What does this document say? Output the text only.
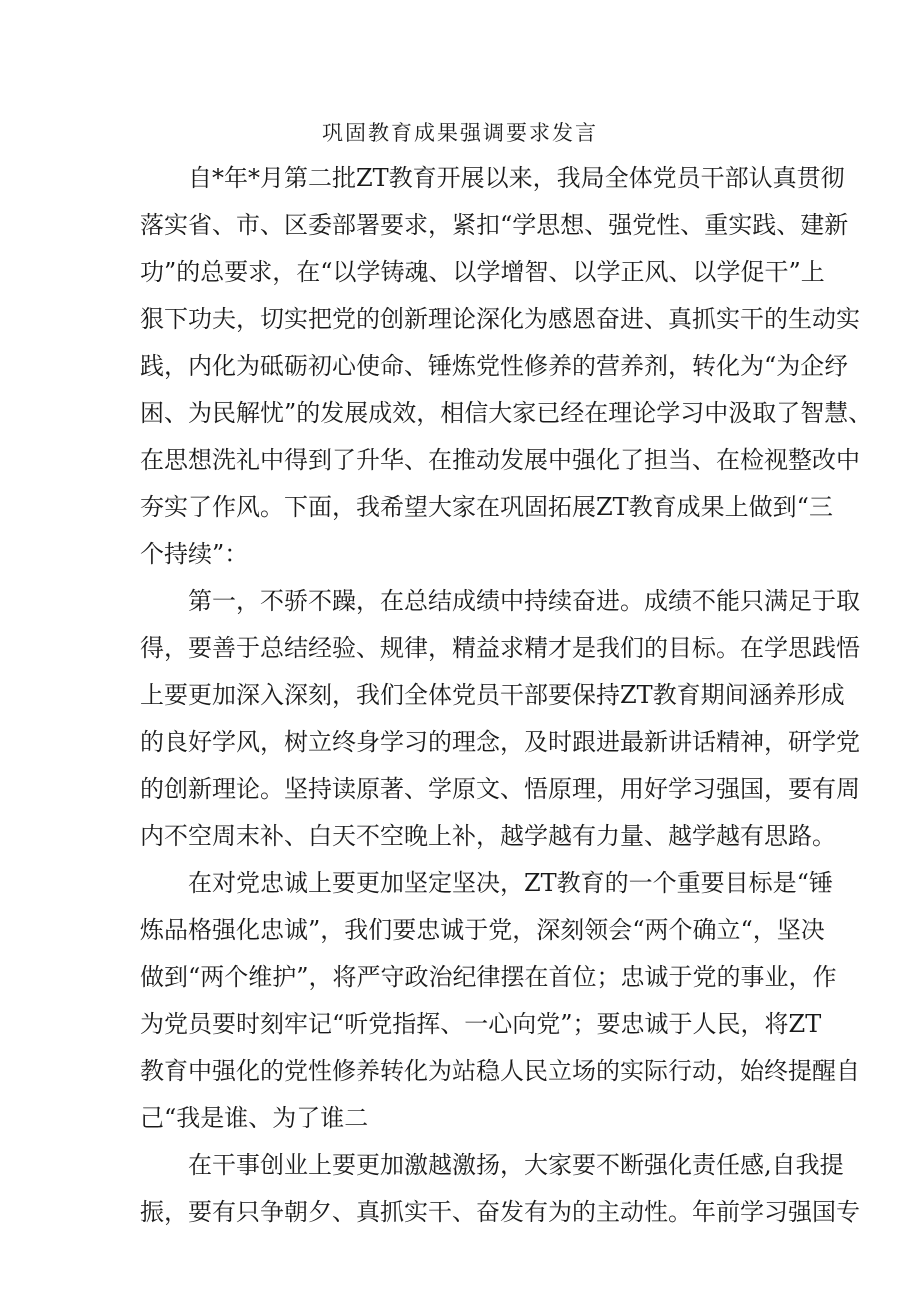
巩固教育成果强调要求发言

自*年*月第二批ZT教育开展以来，我局全体党员干部认真贯彻

落实省、市、区委部署要求，紧扣“学思想、强党性、重实践、建新

功”的总要求，在“以学铸魂、以学增智、以学正风、以学促干”上

狠下功夫，切实把党的创新理论深化为感恩奋进、真抓实干的生动实

践，内化为砥砺初心使命、锤炼党性修养的营养剂，转化为“为企纾

困、为民解忧”的发展成效，相信大家已经在理论学习中汲取了智慧、

在思想洗礼中得到了升华、在推动发展中强化了担当、在检视整改中

夯实了作风。下面，我希望大家在巩固拓展ZT教育成果上做到“三

个持续”：

第一，不骄不躁，在总结成绩中持续奋进。成绩不能只满足于取

得，要善于总结经验、规律，精益求精才是我们的目标。在学思践悟

上要更加深入深刻，我们全体党员干部要保持ZT教育期间涵养形成

的良好学风，树立终身学习的理念，及时跟进最新讲话精神，研学党

的创新理论。坚持读原著、学原文、悟原理，用好学习强国，要有周

内不空周末补、白天不空晚上补，越学越有力量、越学越有思路。

在对党忠诚上要更加坚定坚决，ZT教育的一个重要目标是“锤

炼品格强化忠诚”，我们要忠诚于党，深刻领会“两个确立“，坚决

做到“两个维护”，将严守政治纪律摆在首位；忠诚于党的事业，作

为党员要时刻牢记“听党指挥、一心向党”；要忠诚于人民，将ZT

教育中强化的党性修养转化为站稳人民立场的实际行动，始终提醒自

己“我是谁、为了谁二

在干事创业上要更加激越激扬，大家要不断强化责任感,自我提

振，要有只争朝夕、真抓实干、奋发有为的主动性。年前学习强国专
